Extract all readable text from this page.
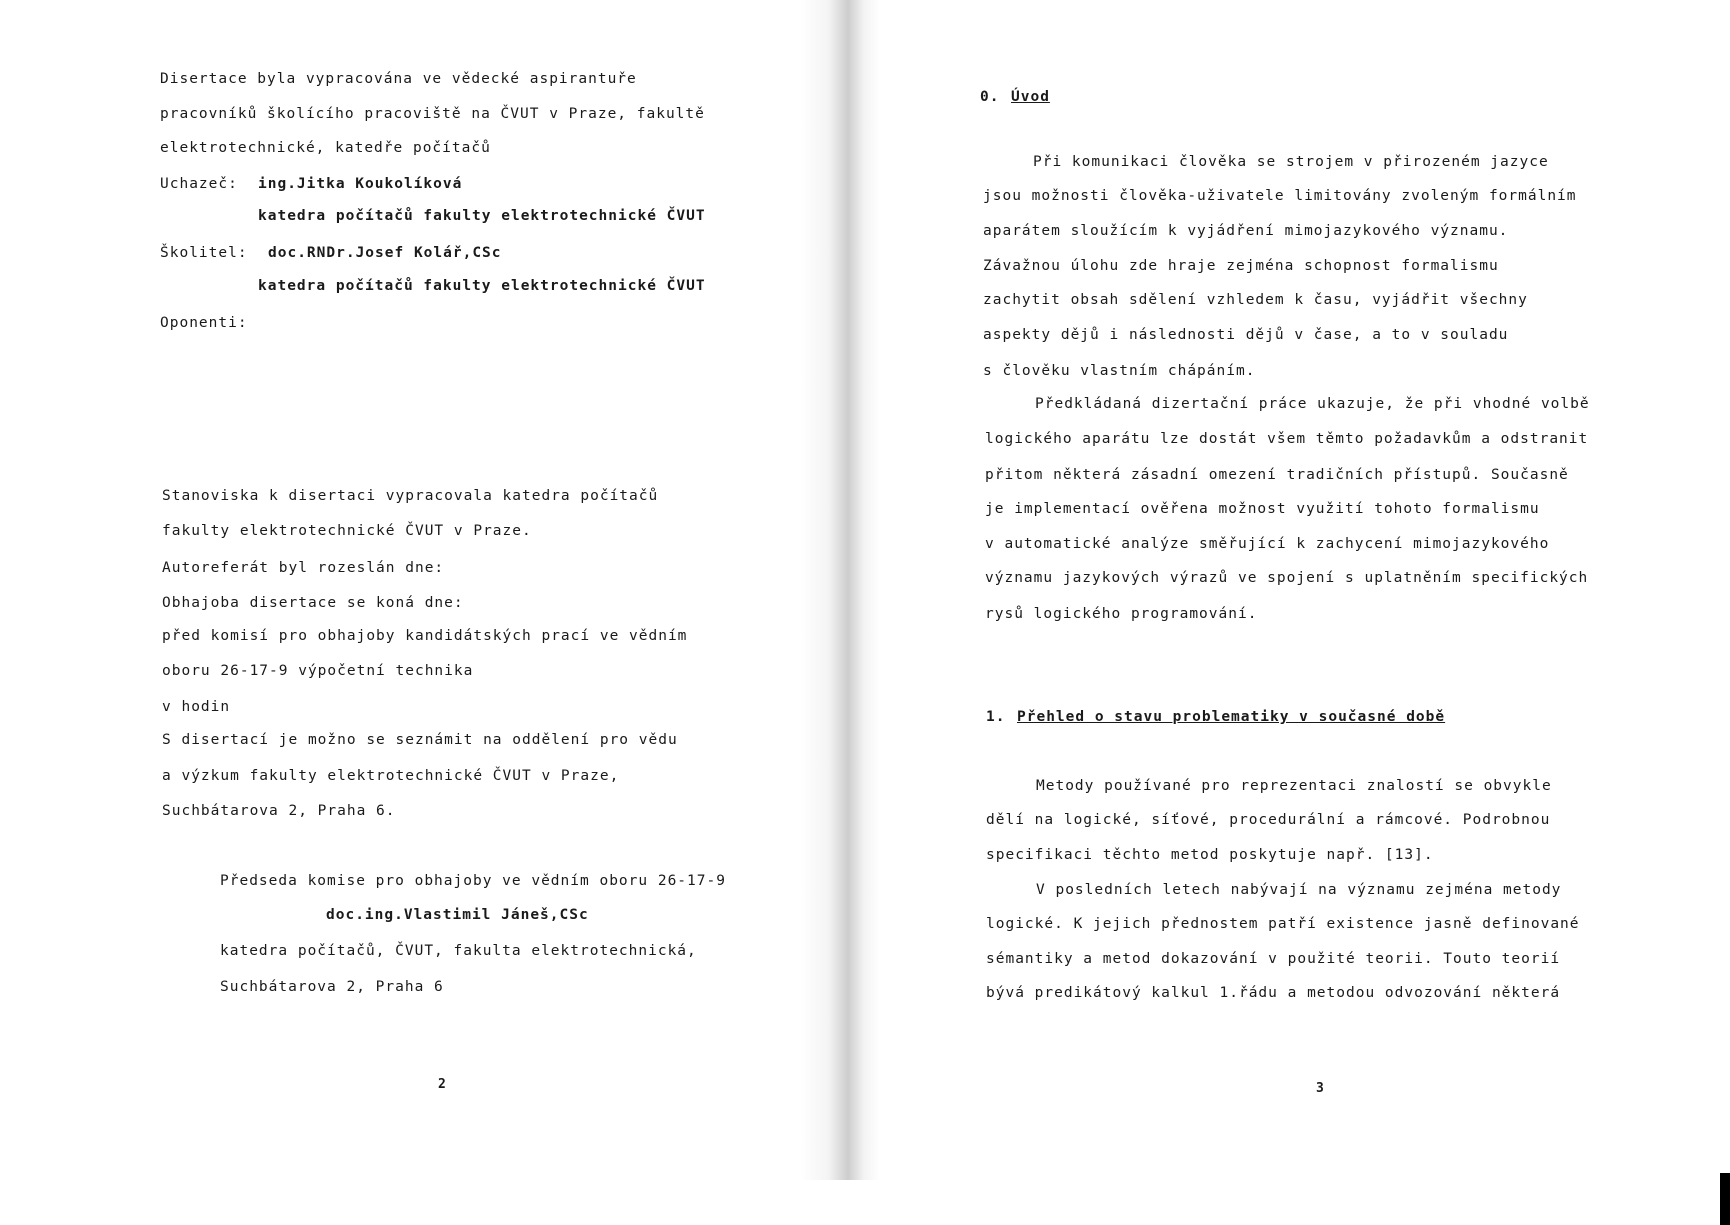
Disertace byla vypracována ve vědecké aspirantuře
pracovníků školícího pracoviště na ČVUT v Praze, fakultě
elektrotechnické, katedře počítačů
Uchazeč: ing.Jitka Koukolíková
katedra počítačů fakulty elektrotechnické ČVUT
Školitel: doc.RNDr.Josef Kolář,CSc
katedra počítačů fakulty elektrotechnické ČVUT
Oponenti:
Stanoviska k disertaci vypracovala katedra počítačů
fakulty elektrotechnické ČVUT v Praze.
Autoreferát byl rozeslán dne:
Obhajoba disertace se koná dne:
před komisí pro obhajoby kandidátských prací ve vědním
oboru 26-17-9 výpočetní technika
v hodin
S disertací je možno se seznámit na oddělení pro vědu
a výzkum fakulty elektrotechnické ČVUT v Praze,
Suchbátarova 2, Praha 6.
Předseda komise pro obhajoby ve vědním oboru 26-17-9
doc.ing.Vlastimil Jáneš,CSc
katedra počítačů, ČVUT, fakulta elektrotechnická,
Suchbátarova 2, Praha 6
2
0. Úvod
Při komunikaci člověka se strojem v přirozeném jazyce
jsou možnosti člověka-uživatele limitovány zvoleným formálním
aparátem sloužícím k vyjádření mimojazykového významu.
Závažnou úlohu zde hraje zejména schopnost formalismu
zachytit obsah sdělení vzhledem k času, vyjádřit všechny
aspekty dějů i následnosti dějů v čase, a to v souladu
s člověku vlastním chápáním.
Předkládaná dizertační práce ukazuje, že při vhodné volbě
logického aparátu lze dostát všem těmto požadavkům a odstranit
přitom některá zásadní omezení tradičních přístupů. Současně
je implementací ověřena možnost využití tohoto formalismu
v automatické analýze směřující k zachycení mimojazykového
významu jazykových výrazů ve spojení s uplatněním specifických
rysů logického programování.
1. Přehled o stavu problematiky v současné době
Metody používané pro reprezentaci znalostí se obvykle
dělí na logické, síťové, procedurální a rámcové. Podrobnou
specifikaci těchto metod poskytuje např. [13].
V posledních letech nabývají na významu zejména metody
logické. K jejich přednostem patří existence jasně definované
sémantiky a metod dokazování v použité teorii. Touto teorií
bývá predikátový kalkul 1.řádu a metodou odvozování některá
3
